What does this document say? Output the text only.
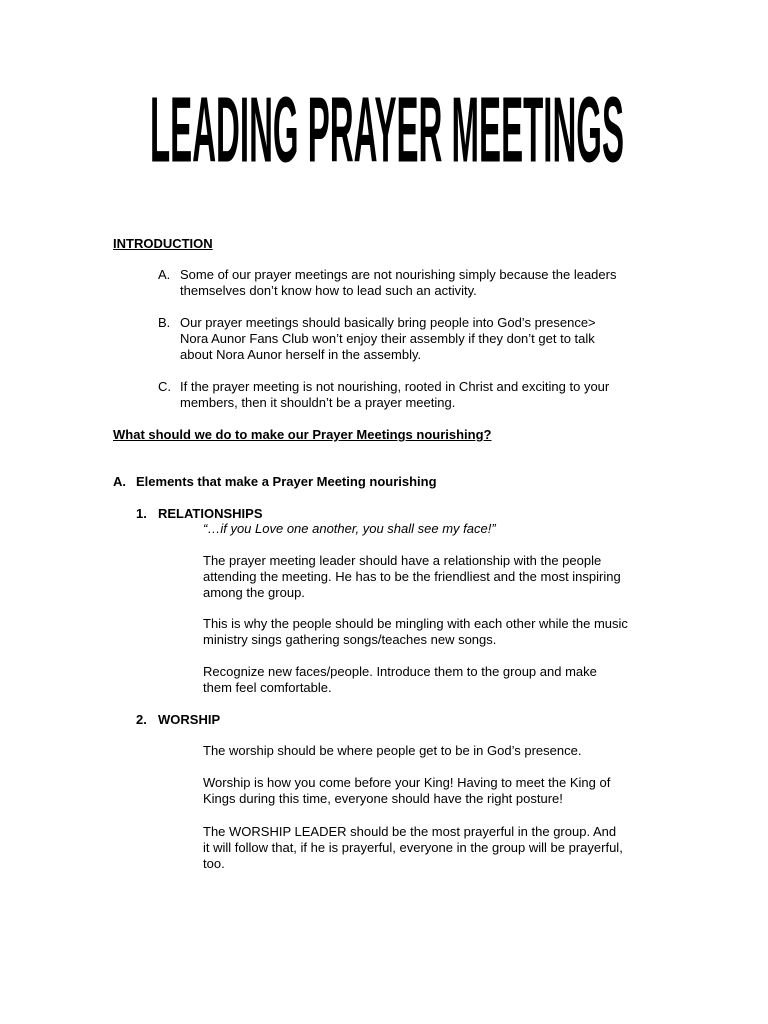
LEADING PRAYER MEETINGS

INTRODUCTION

A. Some of our prayer meetings are not nourishing simply because the leaders
themselves don’t know how to lead such an activity.
B. Our prayer meetings should basically bring people into God’s presence>
Nora Aunor Fans Club won’t enjoy their assembly if they don’t get to talk
about Nora Aunor herself in the assembly.
C. If the prayer meeting is not nourishing, rooted in Christ and exciting to your
members, then it shouldn’t be a prayer meeting.

What should we do to make our Prayer Meetings nourishing?

A. Elements that make a Prayer Meeting nourishing
1. RELATIONSHIPS
“…if you Love one another, you shall see my face!”
The prayer meeting leader should have a relationship with the people
attending the meeting. He has to be the friendliest and the most inspiring
among the group.
This is why the people should be mingling with each other while the music
ministry sings gathering songs/teaches new songs.
Recognize new faces/people. Introduce them to the group and make
them feel comfortable.
2. WORSHIP
The worship should be where people get to be in God’s presence.
Worship is how you come before your King! Having to meet the King of
Kings during this time, everyone should have the right posture!
The WORSHIP LEADER should be the most prayerful in the group. And
it will follow that, if he is prayerful, everyone in the group will be prayerful,
too.
